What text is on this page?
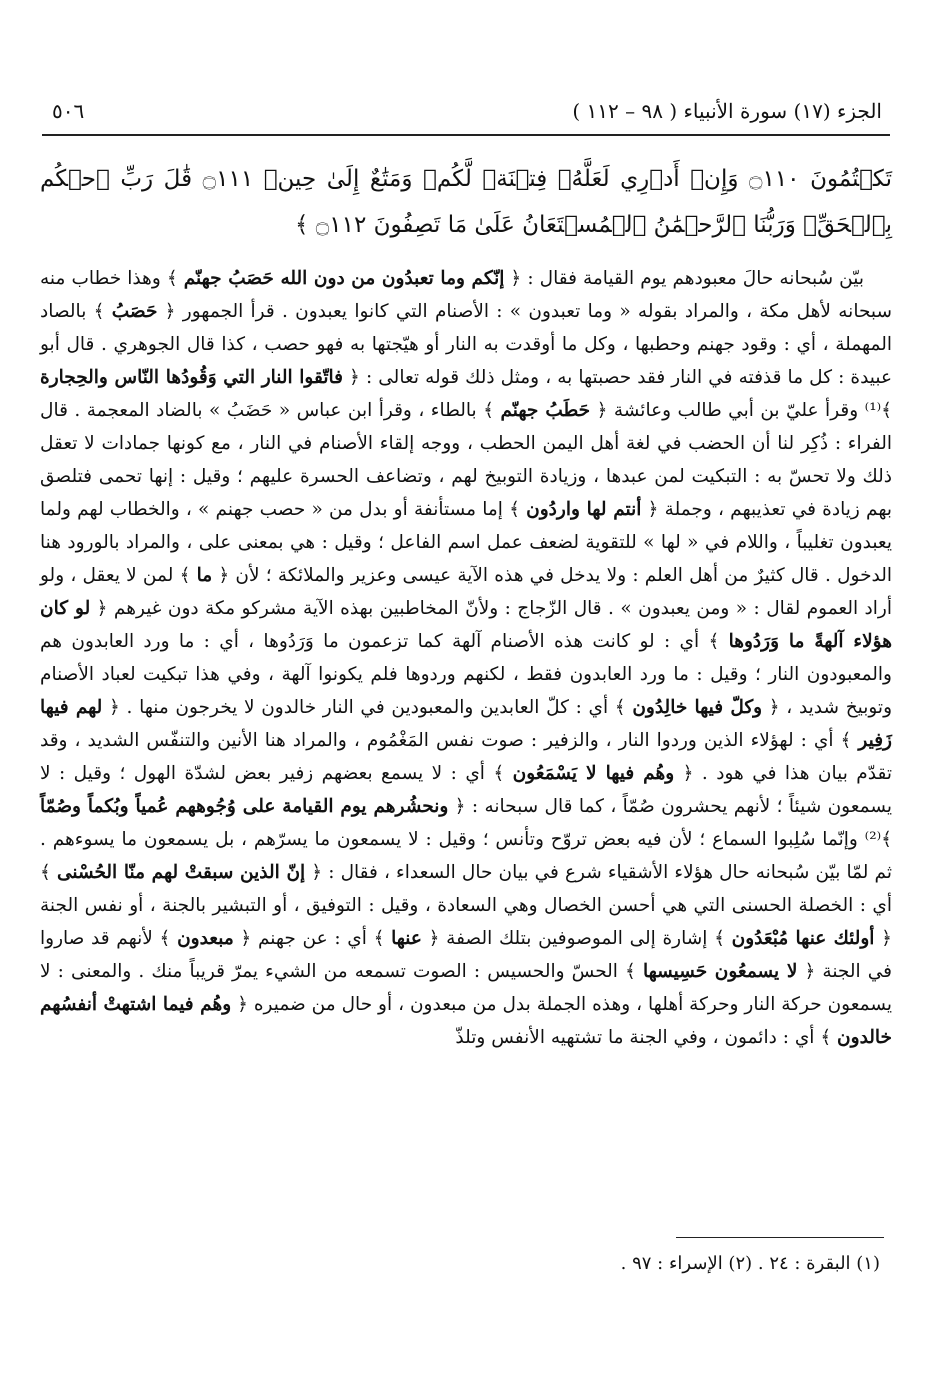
الجزء (١٧) سورة الأنبياء ( ٩٨ – ١١٢ )
٥٠٦
تَكۡتُمُونَ ۝١١٠ وَإِنۡ أَدۡرِي لَعَلَّهُۥ فِتۡنَةٞ لَّكُمۡ وَمَتَٰعٌ إِلَىٰ حِينٖ ۝١١١ قَٰلَ رَبِّ ٱحۡكُم بِٱلۡحَقِّۗ وَرَبُّنَا ٱلرَّحۡمَٰنُ ٱلۡمُسۡتَعَانُ عَلَىٰ مَا تَصِفُونَ ۝١١٢ ﴾

بيّن سُبحانه حالَ معبودهم يوم القيامة فقال : ﴿ إنّكم وما تعبدُون من دون الله حَصَبُ جهنّم ﴾ وهذا خطاب منه سبحانه لأهل مكة ، والمراد بقوله « وما تعبدون » : الأصنام التي كانوا يعبدون . قرأ الجمهور ﴿ حَصَبُ ﴾ بالصاد المهملة ، أي : وقود جهنم وحطبها ، وكل ما أوقدت به النار أو هيّجتها به فهو حصب ، كذا قال الجوهري . قال أبو عبيدة : كل ما قذفته في النار فقد حصبتها به ، ومثل ذلك قوله تعالى : ﴿ فاتّقوا النار التي وَقُودُها النّاس والحِجارة ﴾⁽¹⁾ وقرأ عليّ بن أبي طالب وعائشة ﴿ حَطَبُ جهنّم ﴾ بالطاء ، وقرأ ابن عباس « حَضَبُ » بالضاد المعجمة . قال الفراء : ذُكِر لنا أن الحضب في لغة أهل اليمن الحطب ، ووجه إلقاء الأصنام في النار ، مع كونها جمادات لا تعقل ذلك ولا تحسّ به : التبكيت لمن عبدها ، وزيادة التوبيخ لهم ، وتضاعف الحسرة عليهم ؛ وقيل : إنها تحمى فتلصق بهم زيادة في تعذيبهم ، وجملة ﴿ أنتم لها واردُون ﴾ إما مستأنفة أو بدل من « حصب جهنم » ، والخطاب لهم ولما يعبدون تغليباً ، واللام في « لها » للتقوية لضعف عمل اسم الفاعل ؛ وقيل : هي بمعنى على ، والمراد بالورود هنا الدخول . قال كثيرٌ من أهل العلم : ولا يدخل في هذه الآية عيسى وعزير والملائكة ؛ لأن ﴿ ما ﴾ لمن لا يعقل ، ولو أراد العموم لقال : « ومن يعبدون » . قال الزّجاج : ولأنّ المخاطبين بهذه الآية مشركو مكة دون غيرهم ﴿ لو كان هؤلاء آلهةً ما وَرَدُوها ﴾ أي : لو كانت هذه الأصنام آلهة كما تزعمون ما وَرَدُوها ، أي : ما ورد العابدون هم والمعبودون النار ؛ وقيل : ما ورد العابدون فقط ، لكنهم وردوها فلم يكونوا آلهة ، وفي هذا تبكيت لعباد الأصنام وتوبيخ شديد ، ﴿ وكلّ فيها خالِدُون ﴾ أي : كلّ العابدين والمعبودين في النار خالدون لا يخرجون منها . ﴿ لهم فيها زَفِير ﴾ أي : لهؤلاء الذين وردوا النار ، والزفير : صوت نفس المَغْمُوم ، والمراد هنا الأنين والتنفّس الشديد ، وقد تقدّم بيان هذا في هود . ﴿ وهُم فيها لا يَسْمَعُون ﴾ أي : لا يسمع بعضهم زفير بعض لشدّة الهول ؛ وقيل : لا يسمعون شيئاً ؛ لأنهم يحشرون صُمّاً ، كما قال سبحانه : ﴿ ونحشُرهم يوم القيامة على وُجُوههم عُمياً وبُكماً وصُمّاً ﴾⁽²⁾ وإنّما سُلِبوا السماع ؛ لأن فيه بعض تروّح وتأنس ؛ وقيل : لا يسمعون ما يسرّهم ، بل يسمعون ما يسوءهم . ثم لمّا بيّن سُبحانه حال هؤلاء الأشقياء شرع في بيان حال السعداء ، فقال : ﴿ إنّ الذين سبقتْ لهم منّا الحُسْنى ﴾ أي : الخصلة الحسنى التي هي أحسن الخصال وهي السعادة ، وقيل : التوفيق ، أو التبشير بالجنة ، أو نفس الجنة ﴿ أولئك عنها مُبْعَدُون ﴾ إشارة إلى الموصوفين بتلك الصفة ﴿ عنها ﴾ أي : عن جهنم ﴿ مبعدون ﴾ لأنهم قد صاروا في الجنة ﴿ لا يسمعُون حَسِيسها ﴾ الحسّ والحسيس : الصوت تسمعه من الشيء يمرّ قريباً منك . والمعنى : لا يسمعون حركة النار وحركة أهلها ، وهذه الجملة بدل من مبعدون ، أو حال من ضميره ﴿ وهُم فيما اشتهتْ أنفسُهم خالدون ﴾ أي : دائمون ، وفي الجنة ما تشتهيه الأنفس وتلذّ

(١) البقرة : ٢٤ . (٢) الإسراء : ٩٧ .
